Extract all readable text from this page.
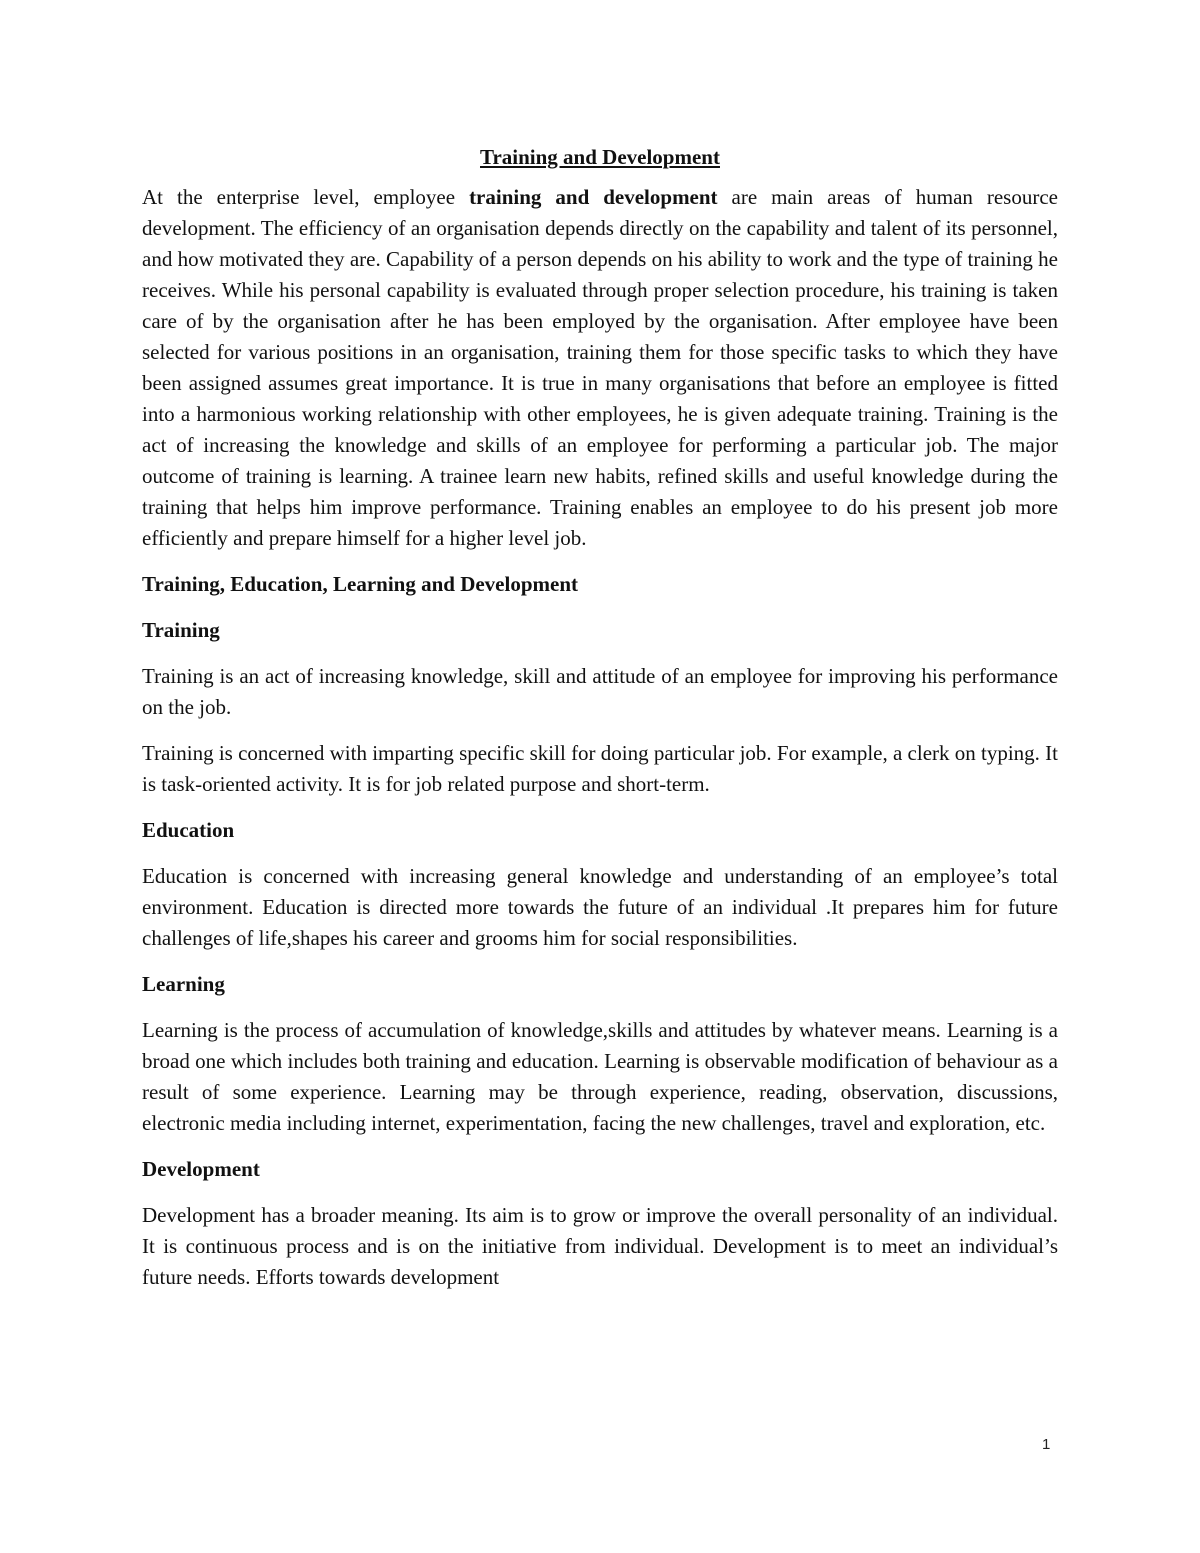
Training and Development

At the enterprise level, employee training and development are main areas of human resource development. The efficiency of an organisation depends directly on the capability and talent of its personnel, and how motivated they are. Capability of a person depends on his ability to work and the type of training he receives. While his personal capability is evaluated through proper selection procedure, his training is taken care of by the organisation after he has been employed by the organisation. After employee have been selected for various positions in an organisation, training them for those specific tasks to which they have been assigned assumes great importance. It is true in many organisations that before an employee is fitted into a harmonious working relationship with other employees, he is given adequate training. Training is the act of increasing the knowledge and skills of an employee for performing a particular job. The major outcome of training is learning. A trainee learn new habits, refined skills and useful knowledge during the training that helps him improve performance. Training enables an employee to do his present job more efficiently and prepare himself for a higher level job.

Training, Education, Learning and Development
Training

Training is an act of increasing knowledge, skill and attitude of an employee for improving his performance on the job.

Training is concerned with imparting specific skill for doing particular job. For example, a clerk on typing. It is task-oriented activity. It is for job related purpose and short-term.

Education

Education is concerned with increasing general knowledge and understanding of an employee’s total environment. Education is directed more towards the future of an individual .It prepares him for future challenges of life,shapes his career and grooms him for social responsibilities.

Learning

Learning is the process of accumulation of knowledge,skills and attitudes by whatever means. Learning is a broad one which includes both training and education. Learning is observable modification of behaviour as a result of some experience. Learning may be through experience, reading, observation, discussions, electronic media including internet, experimentation, facing the new challenges, travel and exploration, etc.

Development

Development has a broader meaning. Its aim is to grow or improve the overall personality of an individual. It is continuous process and is on the initiative from individual. Development is to meet an individual’s future needs. Efforts towards development

1
